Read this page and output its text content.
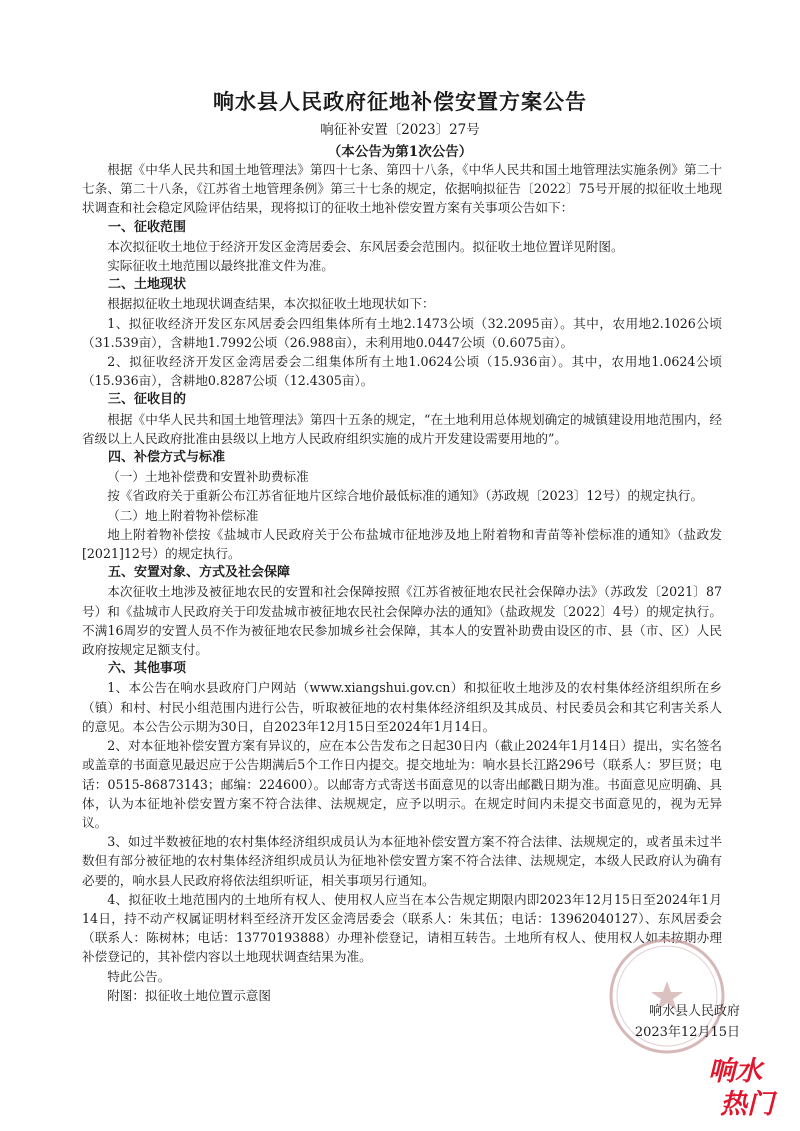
响水县人民政府征地补偿安置方案公告
响征补安置〔2023〕27号
（本公告为第1次公告）

根据《中华人民共和国土地管理法》第四十七条、第四十八条，《中华人民共和国土地管理法实施条例》第二十七条、第二十八条，《江苏省土地管理条例》第三十七条的规定，依据响拟征告〔2022〕75号开展的拟征收土地现状调查和社会稳定风险评估结果，现将拟订的征收土地补偿安置方案有关事项公告如下：

一、征收范围

本次拟征收土地位于经济开发区金湾居委会、东风居委会范围内。拟征收土地位置详见附图。

实际征收土地范围以最终批准文件为准。

二、土地现状

根据拟征收土地现状调查结果，本次拟征收土地现状如下：

1、拟征收经济开发区东风居委会四组集体所有土地2.1473公顷（32.2095亩）。其中，农用地2.1026公顷（31.539亩），含耕地1.7992公顷（26.988亩），未利用地0.0447公顷（0.6075亩）。

2、拟征收经济开发区金湾居委会二组集体所有土地1.0624公顷（15.936亩）。其中，农用地1.0624公顷（15.936亩），含耕地0.8287公顷（12.4305亩）。

三、征收目的

根据《中华人民共和国土地管理法》第四十五条的规定，“在土地利用总体规划确定的城镇建设用地范围内，经省级以上人民政府批准由县级以上地方人民政府组织实施的成片开发建设需要用地的”。

四、补偿方式与标准

（一）土地补偿费和安置补助费标准

按《省政府关于重新公布江苏省征地片区综合地价最低标准的通知》（苏政规〔2023〕12号）的规定执行。

（二）地上附着物补偿标准

地上附着物补偿按《盐城市人民政府关于公布盐城市征地涉及地上附着物和青苗等补偿标准的通知》（盐政发[2021]12号）的规定执行。

五、安置对象、方式及社会保障

本次征收土地涉及被征地农民的安置和社会保障按照《江苏省被征地农民社会保障办法》（苏政发〔2021〕87号）和《盐城市人民政府关于印发盐城市被征地农民社会保障办法的通知》（盐政规发〔2022〕4号）的规定执行。不满16周岁的安置人员不作为被征地农民参加城乡社会保障，其本人的安置补助费由设区的市、县（市、区）人民政府按规定足额支付。

六、其他事项

1、本公告在响水县政府门户网站（www.xiangshui.gov.cn）和拟征收土地涉及的农村集体经济组织所在乡（镇）和村、村民小组范围内进行公告，听取被征地的农村集体经济组织及其成员、村民委员会和其它利害关系人的意见。本公告公示期为30日，自2023年12月15日至2024年1月14日。

2、对本征地补偿安置方案有异议的，应在本公告发布之日起30日内（截止2024年1月14日）提出，实名签名或盖章的书面意见最迟应于公告期满后5个工作日内提交。提交地址为：响水县长江路296号（联系人：罗巨贤；电话：0515-86873143；邮编：224600）。以邮寄方式寄送书面意见的以寄出邮戳日期为准。书面意见应明确、具体，认为本征地补偿安置方案不符合法律、法规规定，应予以明示。在规定时间内未提交书面意见的，视为无异议。

3、如过半数被征地的农村集体经济组织成员认为本征地补偿安置方案不符合法律、法规规定的，或者虽未过半数但有部分被征地的农村集体经济组织成员认为征地补偿安置方案不符合法律、法规规定，本级人民政府认为确有必要的，响水县人民政府将依法组织听证，相关事项另行通知。

4、拟征收土地范围内的土地所有权人、使用权人应当在本公告规定期限内即2023年12月15日至2024年1月14日，持不动产权属证明材料至经济开发区金湾居委会（联系人：朱其伍；电话：13962040127）、东风居委会（联系人：陈树林；电话：13770193888）办理补偿登记，请相互转告。土地所有权人、使用权人如未按期办理补偿登记的，其补偿内容以土地现状调查结果为准。

特此公告。

附图：拟征收土地位置示意图

响水县人民政府
2023年12月15日
响水
热门
